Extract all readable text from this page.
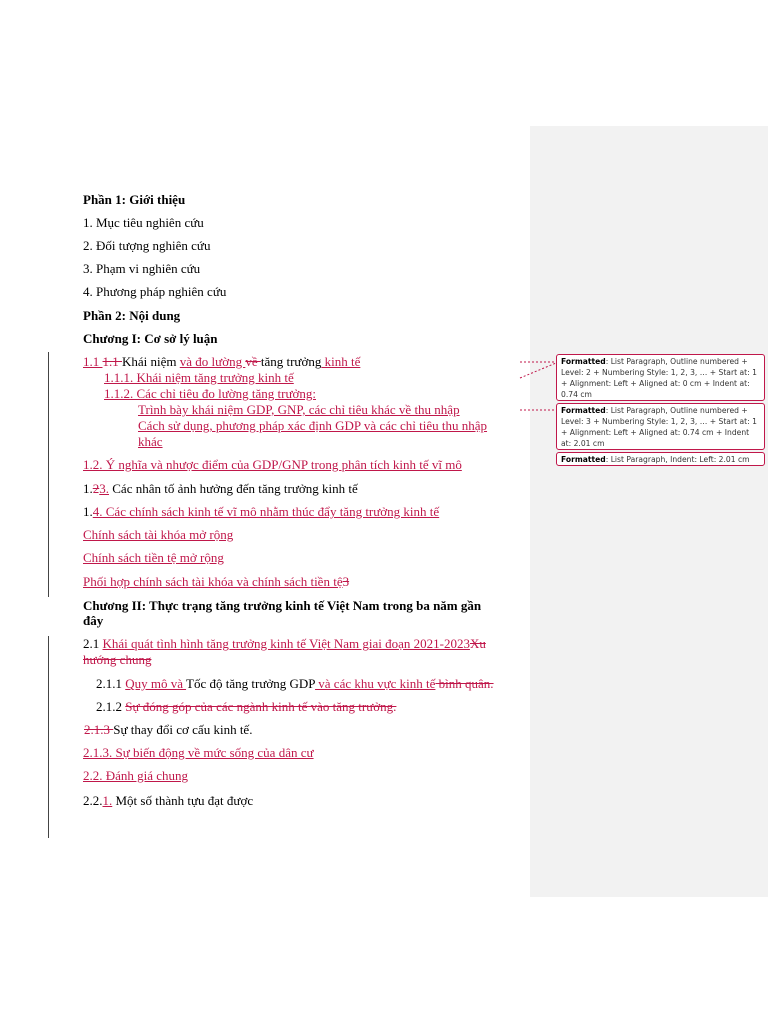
Phần 1: Giới thiệu
1. Mục tiêu nghiên cứu
2. Đối tượng nghiên cứu
3. Phạm vi nghiên cứu
4. Phương pháp nghiên cứu
Phần 2: Nội dung
Chương I: Cơ sở lý luận
1.1 1.1 Khái niệm và đo lường về tăng trưởng kinh tế
1.1.1. Khái niệm tăng trưởng kinh tế
1.1.2. Các chỉ tiêu đo lường tăng trưởng:
Trình bày khái niệm GDP, GNP, các chỉ tiêu khác về thu nhập
Cách sử dụng, phương pháp xác định GDP và các chỉ tiêu thu nhập
khác
1.2. Ý nghĩa và nhược điểm của GDP/GNP trong phân tích kinh tế vĩ mô
1.23. Các nhân tố ảnh hưởng đến tăng trưởng kinh tế
1.4. Các chính sách kinh tế vĩ mô nhằm thúc đẩy tăng trưởng kinh tế
Chính sách tài khóa mở rộng
Chính sách tiền tệ mở rộng
Phối hợp chính sách tài khóa và chính sách tiền tệ3
Chương II: Thực trạng tăng trưởng kinh tế Việt Nam trong ba năm gần
đây
2.1 Khái quát tình hình tăng trưởng kinh tế Việt Nam giai đoạn 2021-2023Xu
hướng chung
2.1.1 Quy mô và Tốc độ tăng trưởng GDP và các khu vực kinh tế bình quân.
2.1.2 Sự đóng góp của các ngành kinh tế vào tăng trưởng.
2.1.3 Sự thay đổi cơ cấu kinh tế.
2.1.3. Sự biến động về mức sống của dân cư
2.2. Đánh giá chung
2.2.1. Một số thành tựu đạt được
Formatted: List Paragraph, Outline numbered + Level: 2 + Numbering Style: 1, 2, 3, … + Start at: 1 + Alignment: Left + Aligned at: 0 cm + Indent at: 0.74 cm
Formatted: List Paragraph, Outline numbered + Level: 3 + Numbering Style: 1, 2, 3, … + Start at: 1 + Alignment: Left + Aligned at: 0.74 cm + Indent at: 2.01 cm
Formatted: List Paragraph, Indent: Left: 2.01 cm
